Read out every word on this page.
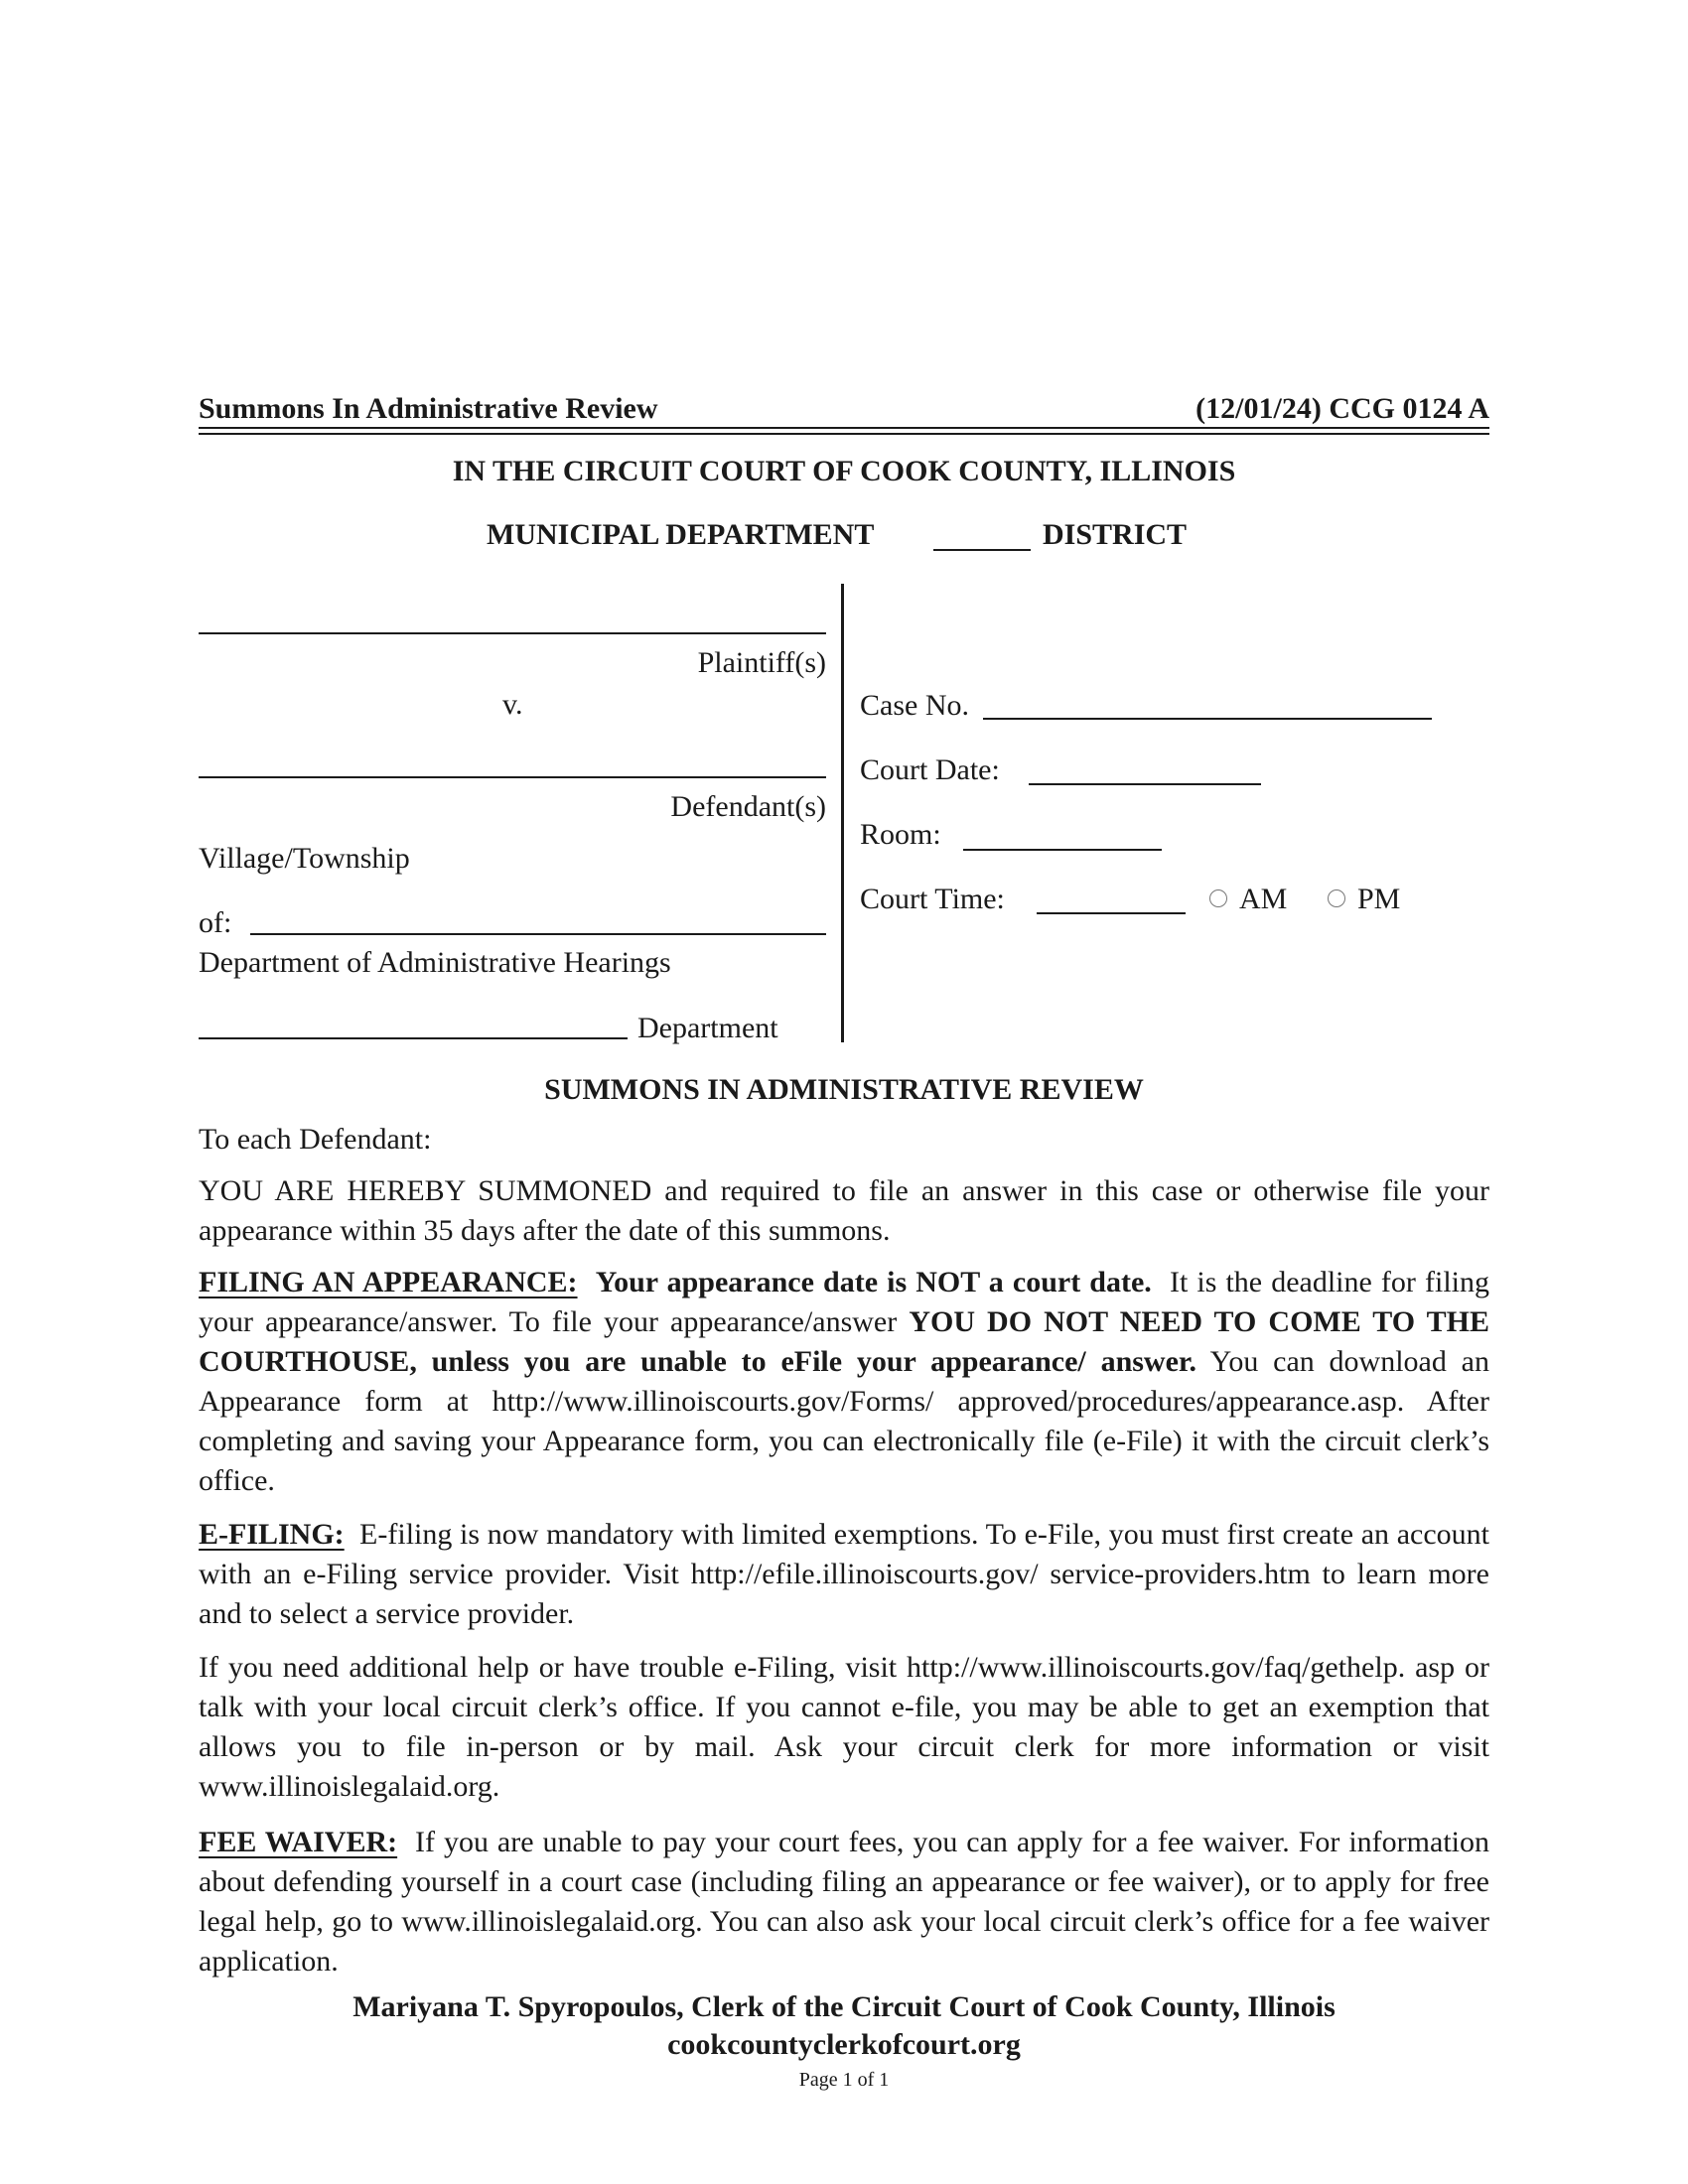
Summons In Administrative Review	(12/01/24) CCG 0124 A
IN THE CIRCUIT COURT OF COOK COUNTY, ILLINOIS
MUNICIPAL DEPARTMENT	DISTRICT
Plaintiff(s)
v.
Defendant(s)
Village/Township
of:
Department of Administrative Hearings
Department
Case No.
Court Date:
Room:
Court Time:	AM	PM
SUMMONS IN ADMINISTRATIVE REVIEW
To each Defendant:
YOU ARE HEREBY SUMMONED and required to file an answer in this case or otherwise file your appearance within 35 days after the date of this summons.
FILING AN APPEARANCE: Your appearance date is NOT a court date. It is the deadline for filing your appearance/answer. To file your appearance/answer YOU DO NOT NEED TO COME TO THE COURTHOUSE, unless you are unable to eFile your appearance/ answer. You can download an Appearance form at http://www.illinoiscourts.gov/Forms/ approved/procedures/appearance.asp. After completing and saving your Appearance form, you can electronically file (e-File) it with the circuit clerk’s office.
E-FILING: E-filing is now mandatory with limited exemptions. To e-File, you must first create an account with an e-Filing service provider. Visit http://efile.illinoiscourts.gov/ service-providers.htm to learn more and to select a service provider.
If you need additional help or have trouble e-Filing, visit http://www.illinoiscourts.gov/faq/gethelp. asp or talk with your local circuit clerk’s office. If you cannot e-file, you may be able to get an exemption that allows you to file in-person or by mail. Ask your circuit clerk for more information or visit www.illinoislegalaid.org.
FEE WAIVER: If you are unable to pay your court fees, you can apply for a fee waiver. For information about defending yourself in a court case (including filing an appearance or fee waiver), or to apply for free legal help, go to www.illinoislegalaid.org. You can also ask your local circuit clerk’s office for a fee waiver application.
Mariyana T. Spyropoulos, Clerk of the Circuit Court of Cook County, Illinois
cookcountyclerkofcourt.org
Page 1 of 1
